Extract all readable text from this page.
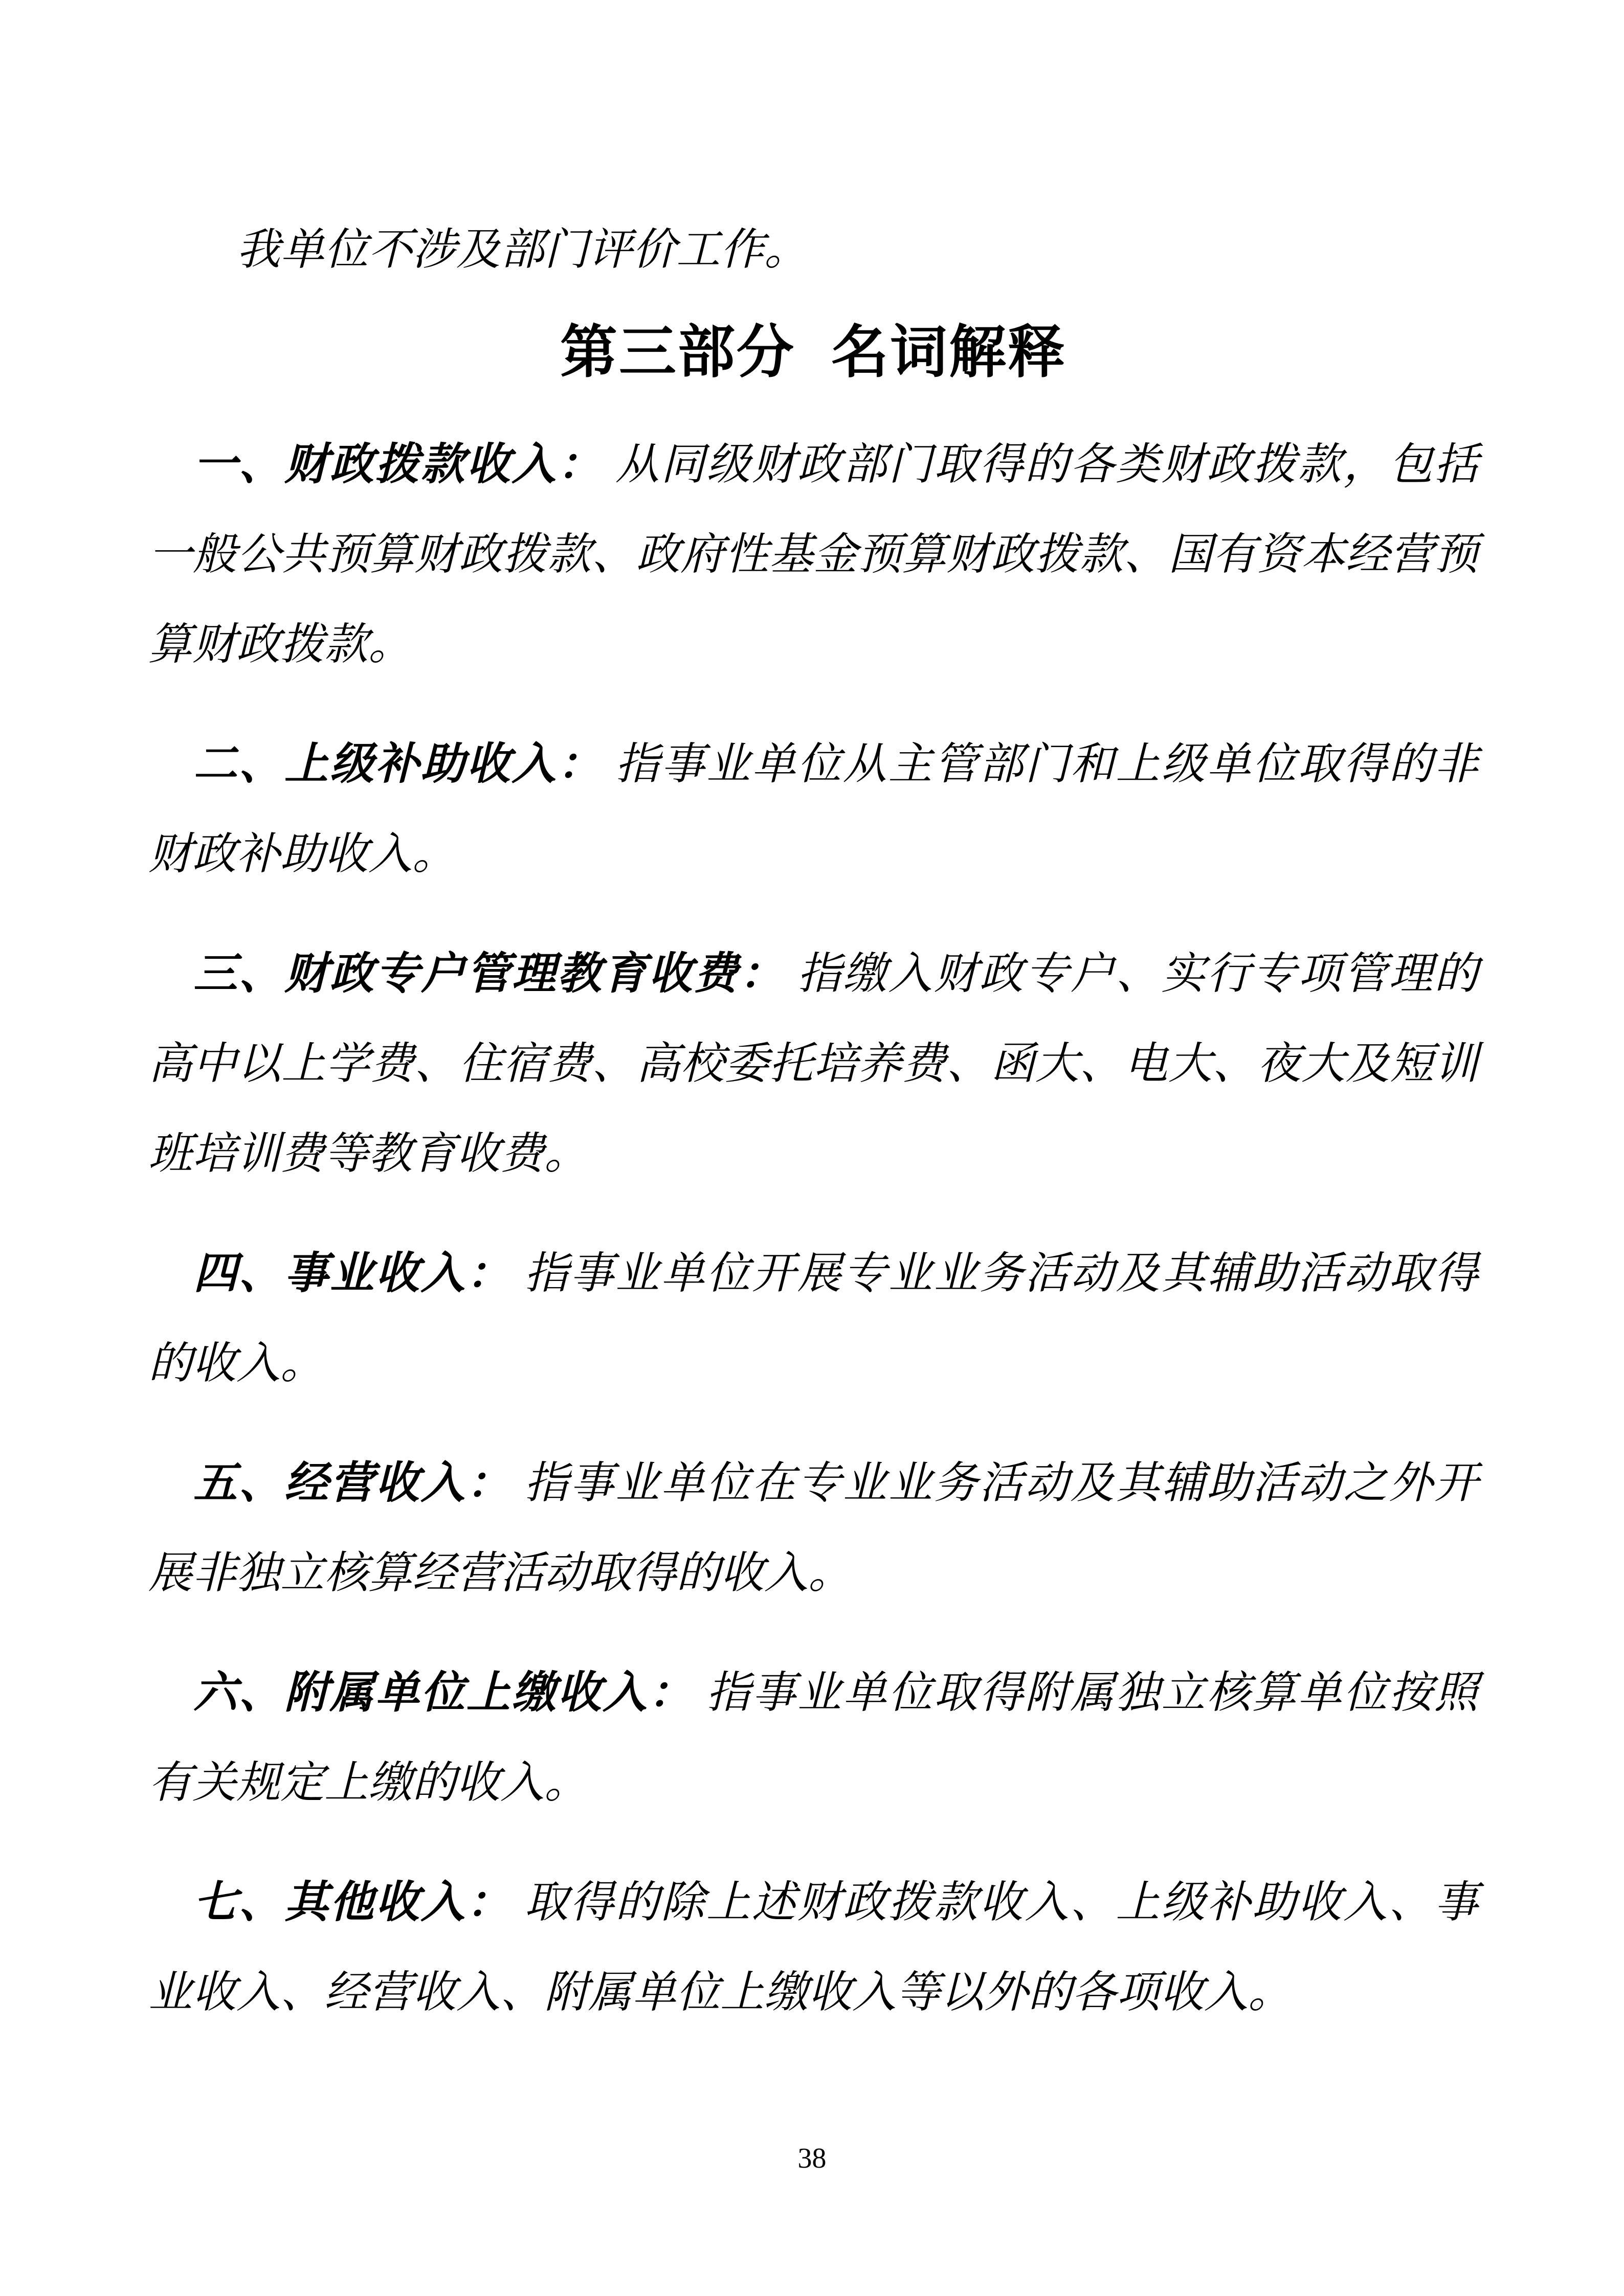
我单位不涉及部门评价工作。

第三部分 名词解释

一、财政拨款收入： 从同级财政部门取得的各类财政拨款，包括一般公共预算财政拨款、政府性基金预算财政拨款、国有资本经营预算财政拨款。

二、上级补助收入： 指事业单位从主管部门和上级单位取得的非财政补助收入。

三、财政专户管理教育收费： 指缴入财政专户、实行专项管理的高中以上学费、住宿费、高校委托培养费、函大、电大、夜大及短训班培训费等教育收费。

四、事业收入： 指事业单位开展专业业务活动及其辅助活动取得的收入。

五、经营收入： 指事业单位在专业业务活动及其辅助活动之外开展非独立核算经营活动取得的收入。

六、附属单位上缴收入： 指事业单位取得附属独立核算单位按照有关规定上缴的收入。

七、其他收入： 取得的除上述财政拨款收入、上级补助收入、事业收入、经营收入、附属单位上缴收入等以外的各项收入。

38
